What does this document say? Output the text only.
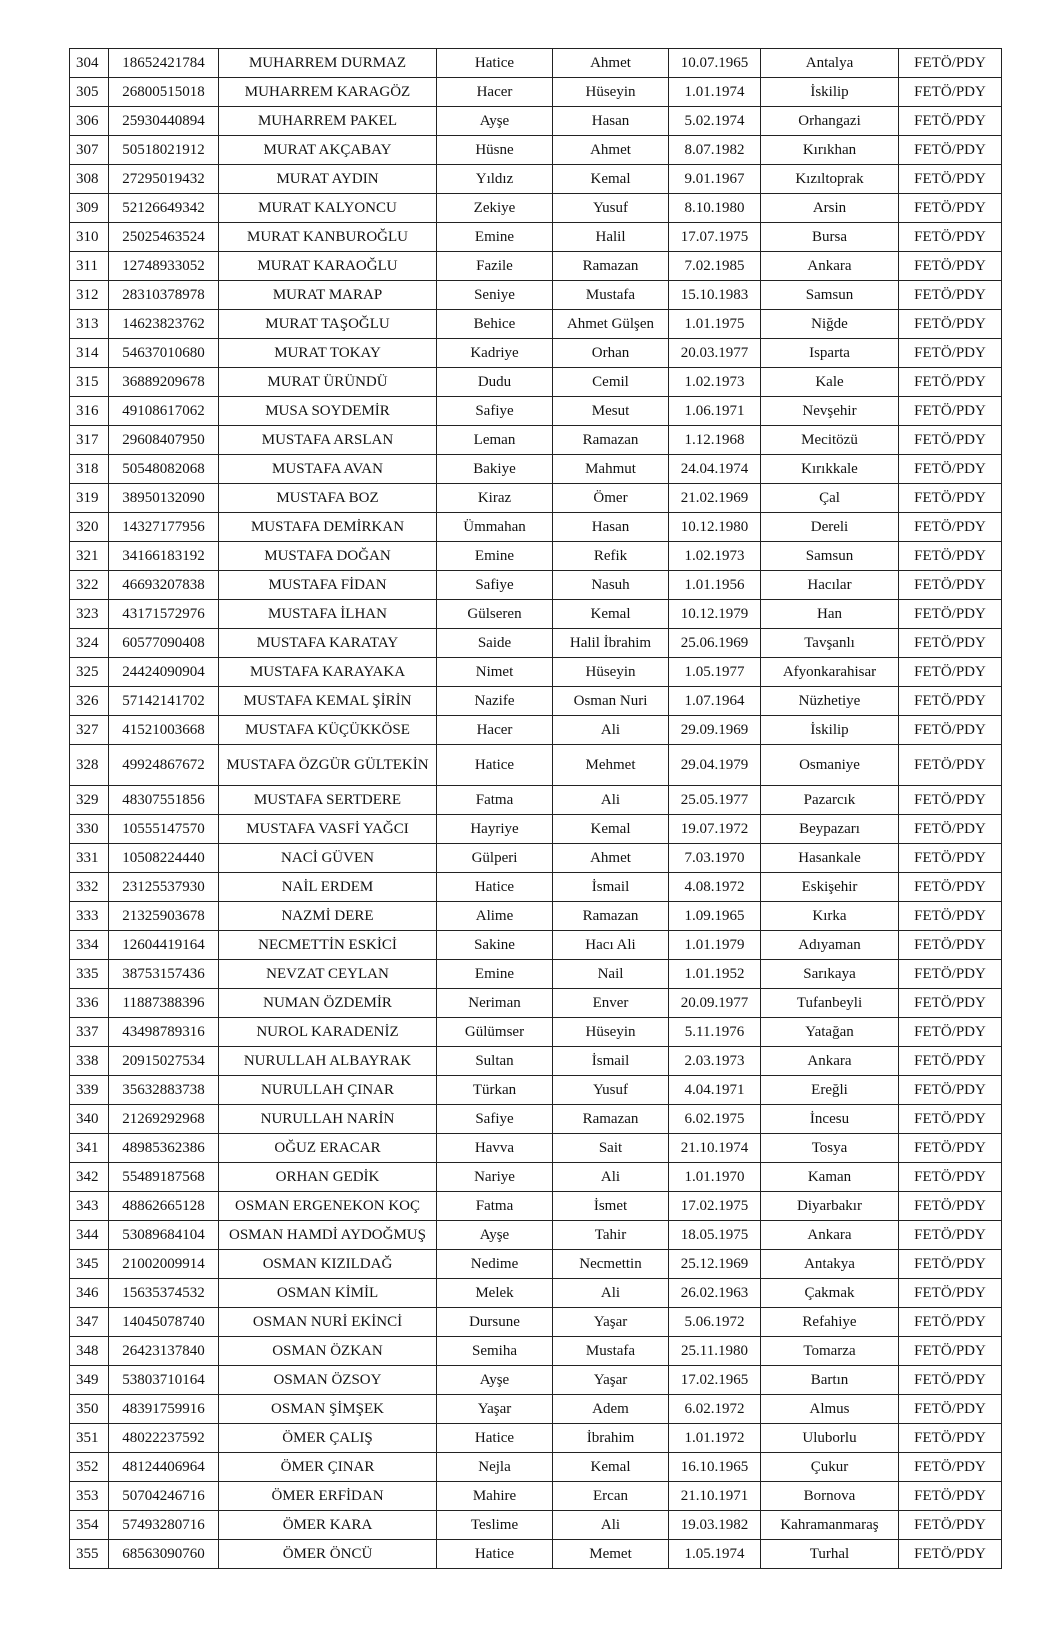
304	18652421784	MUHARREM DURMAZ	Hatice	Ahmet	10.07.1965	Antalya	FETÖ/PDY
305	26800515018	MUHARREM KARAGÖZ	Hacer	Hüseyin	1.01.1974	İskilip	FETÖ/PDY
306	25930440894	MUHARREM PAKEL	Ayşe	Hasan	5.02.1974	Orhangazi	FETÖ/PDY
307	50518021912	MURAT AKÇABAY	Hüsne	Ahmet	8.07.1982	Kırıkhan	FETÖ/PDY
308	27295019432	MURAT AYDIN	Yıldız	Kemal	9.01.1967	Kızıltoprak	FETÖ/PDY
309	52126649342	MURAT KALYONCU	Zekiye	Yusuf	8.10.1980	Arsin	FETÖ/PDY
310	25025463524	MURAT KANBUROĞLU	Emine	Halil	17.07.1975	Bursa	FETÖ/PDY
311	12748933052	MURAT KARAOĞLU	Fazile	Ramazan	7.02.1985	Ankara	FETÖ/PDY
312	28310378978	MURAT MARAP	Seniye	Mustafa	15.10.1983	Samsun	FETÖ/PDY
313	14623823762	MURAT TAŞOĞLU	Behice	Ahmet Gülşen	1.01.1975	Niğde	FETÖ/PDY
314	54637010680	MURAT TOKAY	Kadriye	Orhan	20.03.1977	Isparta	FETÖ/PDY
315	36889209678	MURAT ÜRÜNDÜ	Dudu	Cemil	1.02.1973	Kale	FETÖ/PDY
316	49108617062	MUSA SOYDEMİR	Safiye	Mesut	1.06.1971	Nevşehir	FETÖ/PDY
317	29608407950	MUSTAFA ARSLAN	Leman	Ramazan	1.12.1968	Mecitözü	FETÖ/PDY
318	50548082068	MUSTAFA AVAN	Bakiye	Mahmut	24.04.1974	Kırıkkale	FETÖ/PDY
319	38950132090	MUSTAFA BOZ	Kiraz	Ömer	21.02.1969	Çal	FETÖ/PDY
320	14327177956	MUSTAFA DEMİRKAN	Ümmahan	Hasan	10.12.1980	Dereli	FETÖ/PDY
321	34166183192	MUSTAFA DOĞAN	Emine	Refik	1.02.1973	Samsun	FETÖ/PDY
322	46693207838	MUSTAFA FİDAN	Safiye	Nasuh	1.01.1956	Hacılar	FETÖ/PDY
323	43171572976	MUSTAFA İLHAN	Gülseren	Kemal	10.12.1979	Han	FETÖ/PDY
324	60577090408	MUSTAFA KARATAY	Saide	Halil İbrahim	25.06.1969	Tavşanlı	FETÖ/PDY
325	24424090904	MUSTAFA KARAYAKA	Nimet	Hüseyin	1.05.1977	Afyonkarahisar	FETÖ/PDY
326	57142141702	MUSTAFA KEMAL ŞİRİN	Nazife	Osman Nuri	1.07.1964	Nüzhetiye	FETÖ/PDY
327	41521003668	MUSTAFA KÜÇÜKKÖSE	Hacer	Ali	29.09.1969	İskilip	FETÖ/PDY
328	49924867672	MUSTAFA ÖZGÜR GÜLTEKİN	Hatice	Mehmet	29.04.1979	Osmaniye	FETÖ/PDY
329	48307551856	MUSTAFA SERTDERE	Fatma	Ali	25.05.1977	Pazarcık	FETÖ/PDY
330	10555147570	MUSTAFA VASFİ YAĞCI	Hayriye	Kemal	19.07.1972	Beypazarı	FETÖ/PDY
331	10508224440	NACİ GÜVEN	Gülperi	Ahmet	7.03.1970	Hasankale	FETÖ/PDY
332	23125537930	NAİL ERDEM	Hatice	İsmail	4.08.1972	Eskişehir	FETÖ/PDY
333	21325903678	NAZMİ DERE	Alime	Ramazan	1.09.1965	Kırka	FETÖ/PDY
334	12604419164	NECMETTİN ESKİCİ	Sakine	Hacı Ali	1.01.1979	Adıyaman	FETÖ/PDY
335	38753157436	NEVZAT CEYLAN	Emine	Nail	1.01.1952	Sarıkaya	FETÖ/PDY
336	11887388396	NUMAN ÖZDEMİR	Neriman	Enver	20.09.1977	Tufanbeyli	FETÖ/PDY
337	43498789316	NUROL KARADENİZ	Gülümser	Hüseyin	5.11.1976	Yatağan	FETÖ/PDY
338	20915027534	NURULLAH ALBAYRAK	Sultan	İsmail	2.03.1973	Ankara	FETÖ/PDY
339	35632883738	NURULLAH ÇINAR	Türkan	Yusuf	4.04.1971	Ereğli	FETÖ/PDY
340	21269292968	NURULLAH NARİN	Safiye	Ramazan	6.02.1975	İncesu	FETÖ/PDY
341	48985362386	OĞUZ ERACAR	Havva	Sait	21.10.1974	Tosya	FETÖ/PDY
342	55489187568	ORHAN GEDİK	Nariye	Ali	1.01.1970	Kaman	FETÖ/PDY
343	48862665128	OSMAN ERGENEKON KOÇ	Fatma	İsmet	17.02.1975	Diyarbakır	FETÖ/PDY
344	53089684104	OSMAN HAMDİ AYDOĞMUŞ	Ayşe	Tahir	18.05.1975	Ankara	FETÖ/PDY
345	21002009914	OSMAN KIZILDAĞ	Nedime	Necmettin	25.12.1969	Antakya	FETÖ/PDY
346	15635374532	OSMAN KİMİL	Melek	Ali	26.02.1963	Çakmak	FETÖ/PDY
347	14045078740	OSMAN NURİ EKİNCİ	Dursune	Yaşar	5.06.1972	Refahiye	FETÖ/PDY
348	26423137840	OSMAN ÖZKAN	Semiha	Mustafa	25.11.1980	Tomarza	FETÖ/PDY
349	53803710164	OSMAN ÖZSOY	Ayşe	Yaşar	17.02.1965	Bartın	FETÖ/PDY
350	48391759916	OSMAN ŞİMŞEK	Yaşar	Adem	6.02.1972	Almus	FETÖ/PDY
351	48022237592	ÖMER ÇALIŞ	Hatice	İbrahim	1.01.1972	Uluborlu	FETÖ/PDY
352	48124406964	ÖMER ÇINAR	Nejla	Kemal	16.10.1965	Çukur	FETÖ/PDY
353	50704246716	ÖMER ERFİDAN	Mahire	Ercan	21.10.1971	Bornova	FETÖ/PDY
354	57493280716	ÖMER KARA	Teslime	Ali	19.03.1982	Kahramanmaraş	FETÖ/PDY
355	68563090760	ÖMER ÖNCÜ	Hatice	Memet	1.05.1974	Turhal	FETÖ/PDY
